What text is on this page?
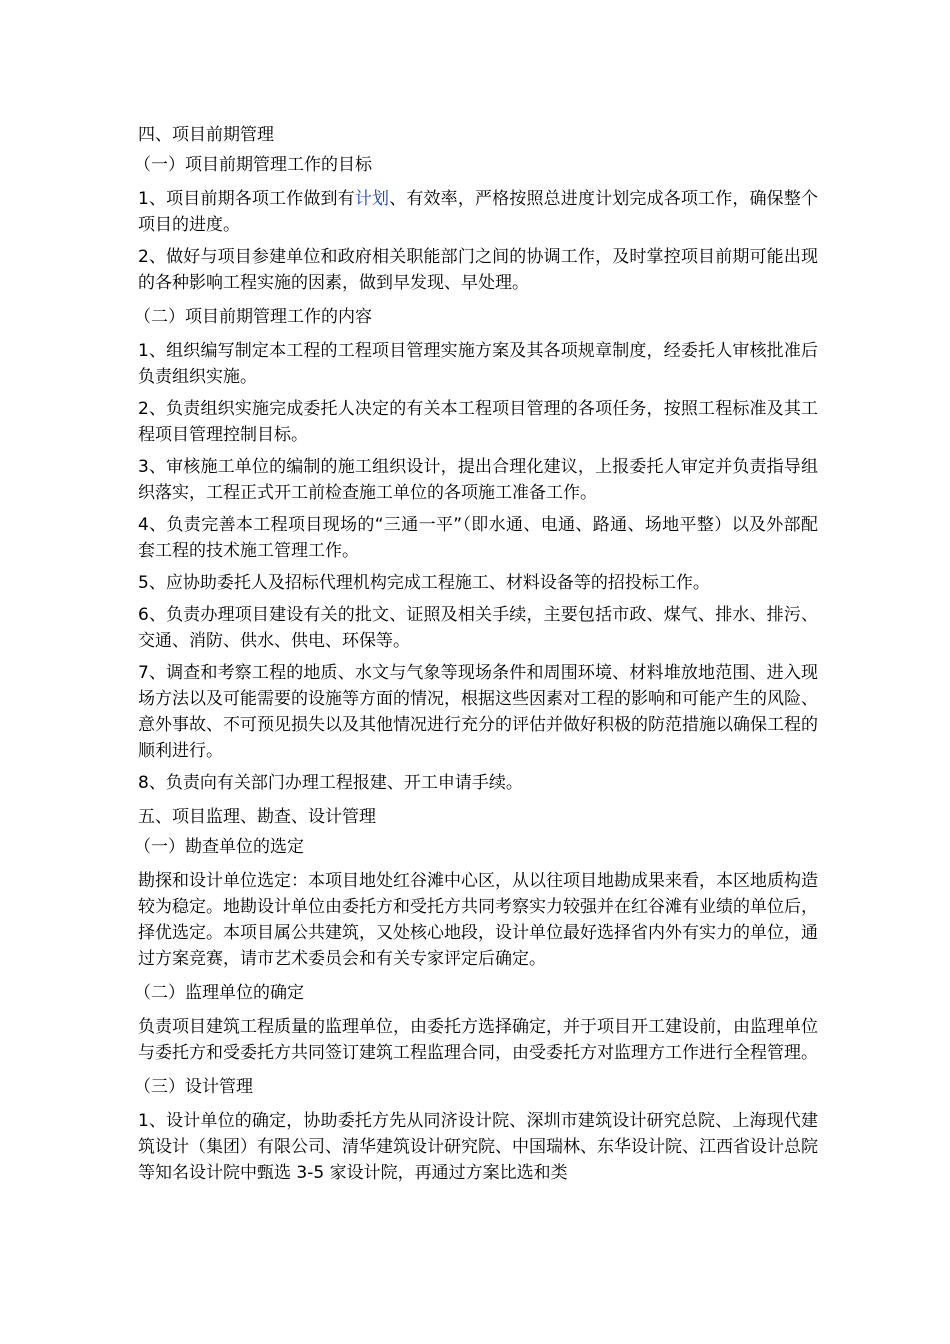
四、项目前期管理
（一）项目前期管理工作的目标

1、项目前期各项工作做到有计划、有效率，严格按照总进度计划完成各项工作，确保整个项目的进度。

2、做好与项目参建单位和政府相关职能部门之间的协调工作，及时掌控项目前期可能出现的各种影响工程实施的因素，做到早发现、早处理。

（二）项目前期管理工作的内容

1、组织编写制定本工程的工程项目管理实施方案及其各项规章制度，经委托人审核批准后负责组织实施。

2、负责组织实施完成委托人决定的有关本工程项目管理的各项任务，按照工程标准及其工程项目管理控制目标。

3、审核施工单位的编制的施工组织设计，提出合理化建议，上报委托人审定并负责指导组织落实，工程正式开工前检查施工单位的各项施工准备工作。

4、负责完善本工程项目现场的“三通一平”（即水通、电通、路通、场地平整）以及外部配套工程的技术施工管理工作。

5、应协助委托人及招标代理机构完成工程施工、材料设备等的招投标工作。

6、负责办理项目建设有关的批文、证照及相关手续，主要包括市政、煤气、排水、排污、交通、消防、供水、供电、环保等。

7、调查和考察工程的地质、水文与气象等现场条件和周围环境、材料堆放地范围、进入现场方法以及可能需要的设施等方面的情况，根据这些因素对工程的影响和可能产生的风险、意外事故、不可预见损失以及其他情况进行充分的评估并做好积极的防范措施以确保工程的顺利进行。

8、负责向有关部门办理工程报建、开工申请手续。

五、项目监理、勘查、设计管理
（一）勘查单位的选定

勘探和设计单位选定：本项目地处红谷滩中心区，从以往项目地勘成果来看，本区地质构造较为稳定。地勘设计单位由委托方和受托方共同考察实力较强并在红谷滩有业绩的单位后，择优选定。本项目属公共建筑，又处核心地段，设计单位最好选择省内外有实力的单位，通过方案竞赛，请市艺术委员会和有关专家评定后确定。

（二）监理单位的确定

负责项目建筑工程质量的监理单位，由委托方选择确定，并于项目开工建设前，由监理单位与委托方和受委托方共同签订建筑工程监理合同，由受委托方对监理方工作进行全程管理。

（三）设计管理

1、设计单位的确定，协助委托方先从同济设计院、深圳市建筑设计研究总院、上海现代建筑设计（集团）有限公司、清华建筑设计研究院、中国瑞林、东华设计院、江西省设计总院等知名设计院中甄选 3-5 家设计院，再通过方案比选和类
